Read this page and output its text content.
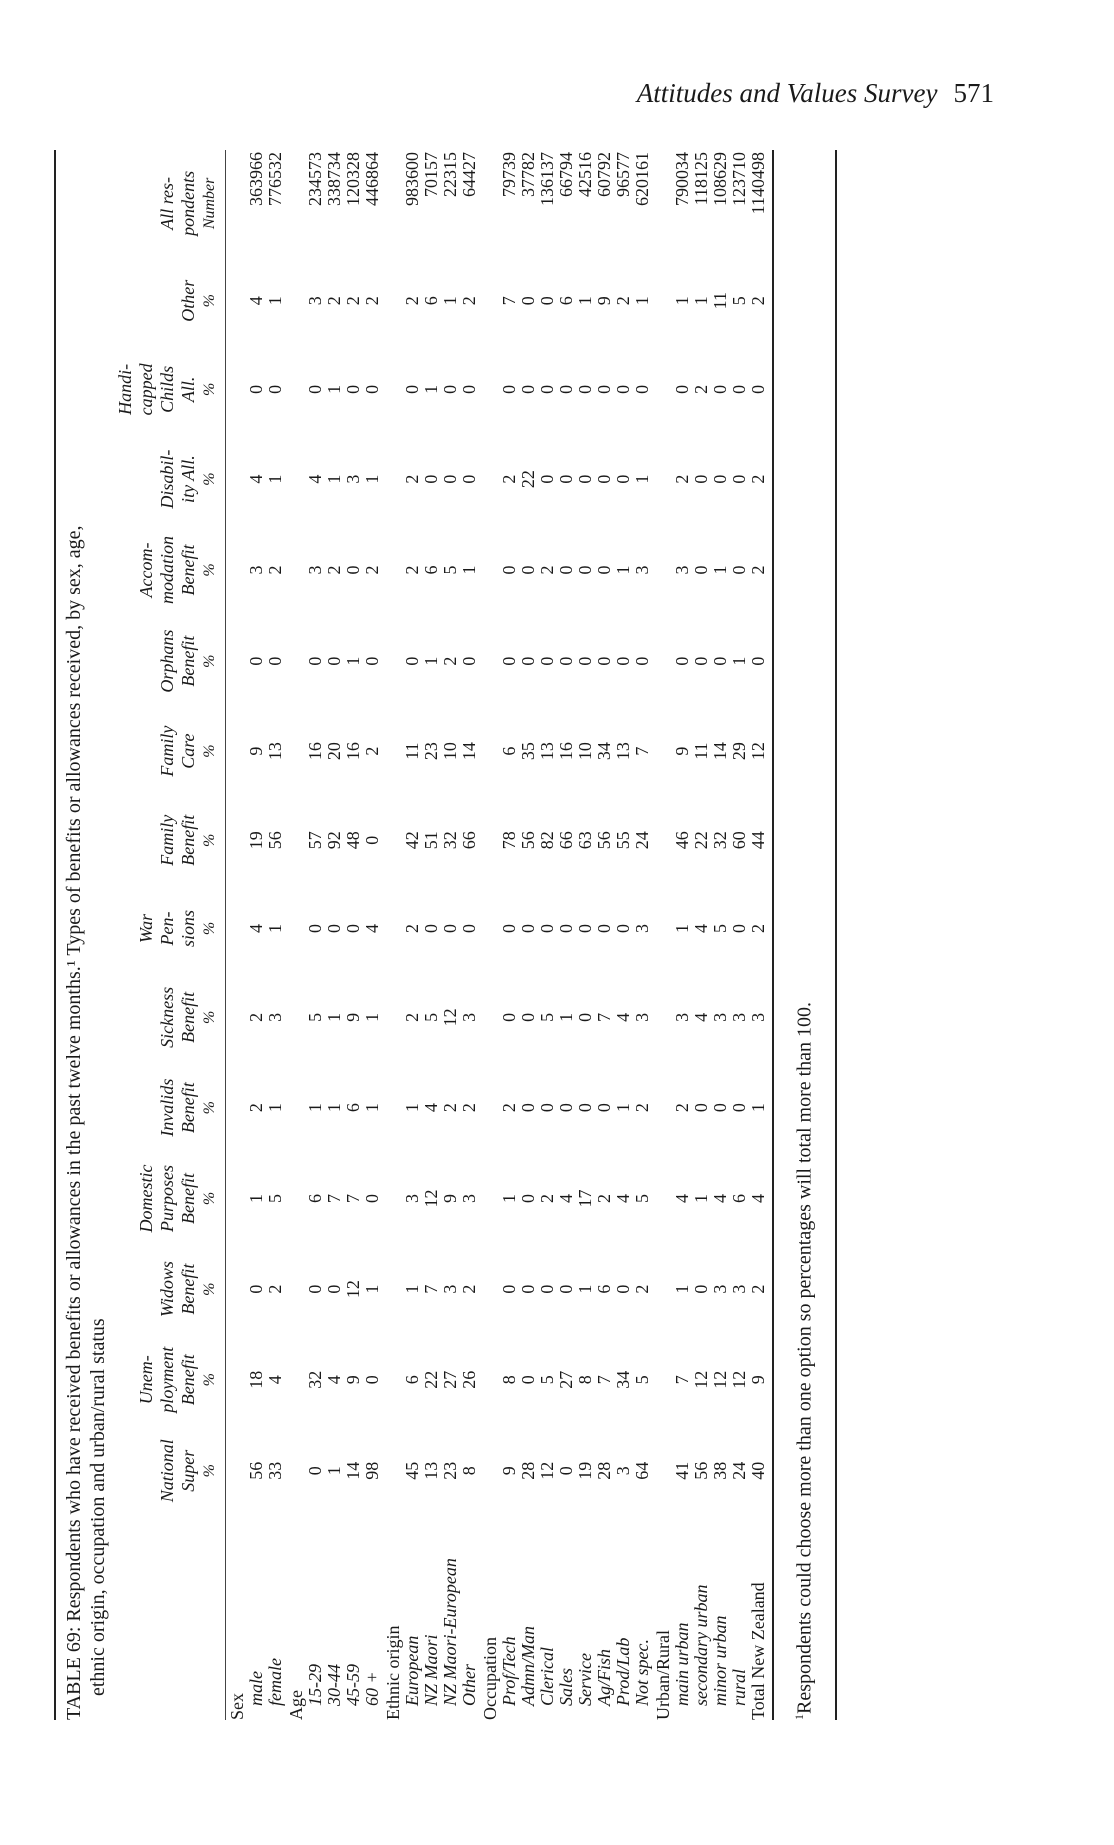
Attitudes and Values Survey 571
TABLE 69: Respondents who have received benefits or allowances in the past twelve months.¹ Types of benefits or allowances received, by sex, age, ethnic origin, occupation and urban/rural status
													Handi-		
		Unem-		Domestic			War				Accom-		capped		
	National	ployment	Widows	Purposes	Invalids	Sickness	Pen-	Family	Family	Orphans	modation	Disabil-	Childs		All res-
	Super	Benefit	Benefit	Benefit	Benefit	Benefit	sions	Benefit	Care	Benefit	Benefit	ity All.	All.	Other	pondents
	%	%	%	%	%	%	%	%	%	%	%	%	%	%	Number
Sex															
male	56	18	0	1	2	2	4	19	9	0	3	4	0	4	363966
female	33	4	2	5	1	3	1	56	13	0	2	1	0	1	776532
Age															
15-29	0	32	0	6	1	5	0	57	16	0	3	4	0	3	234573
30-44	1	4	0	7	1	1	0	92	20	0	2	1	1	2	338734
45-59	14	9	12	7	6	9	0	48	16	1	0	3	0	2	120328
60 +	98	0	1	0	1	1	4	0	2	0	2	1	0	2	446864
Ethnic origin															
European	45	6	1	3	1	2	2	42	11	0	2	2	0	2	983600
NZ Maori	13	22	7	12	4	5	0	51	23	1	6	0	1	6	70157
NZ Maori-European	23	27	3	9	2	12	0	32	10	2	5	0	0	1	22315
Other	8	26	2	3	2	3	0	66	14	0	1	0	0	2	64427
Occupation															
Prof/Tech	9	8	0	1	2	0	0	78	6	0	0	2	0	7	79739
Admn/Man	28	0	0	0	0	0	0	56	35	0	0	22	0	0	37782
Clerical	12	5	0	2	0	5	0	82	13	0	2	0	0	0	136137
Sales	0	27	0	4	0	1	0	66	16	0	0	0	0	6	66794
Service	19	8	1	17	0	0	0	63	10	0	0	0	0	1	42516
Ag/Fish	28	7	6	2	0	7	0	56	34	0	0	0	0	9	60792
Prod/Lab	3	34	0	4	1	4	0	55	13	0	1	0	0	2	96577
Not spec.	64	5	2	5	2	3	3	24	7	0	3	1	0	1	620161
Urban/Rural															
main urban	41	7	1	4	2	3	1	46	9	0	3	2	0	1	790034
secondary urban	56	12	0	1	0	4	4	22	11	0	0	0	2	1	118125
minor urban	38	12	3	4	0	3	5	32	14	0	1	0	0	11	108629
rural	24	12	3	6	0	3	0	60	29	1	0	0	0	5	123710
Total New Zealand	40	9	2	4	1	3	2	44	12	0	2	2	0	2	1140498
$^1$Respondents could choose more than one option so percentages will total more than 100.
